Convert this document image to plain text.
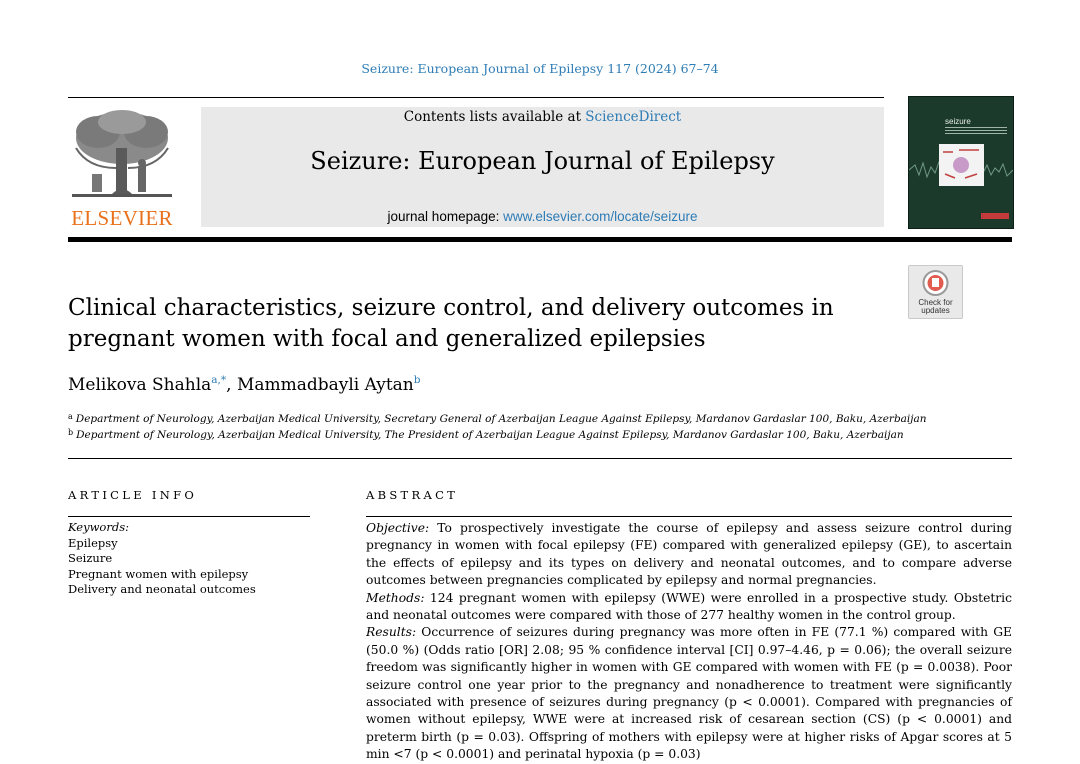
Seizure: European Journal of Epilepsy 117 (2024) 67–74
ELSEVIER
Contents lists available at ScienceDirect
Seizure: European Journal of Epilepsy
journal homepage: www.elsevier.com/locate/seizure
seizure
Check for
updates
Clinical characteristics, seizure control, and delivery outcomes in pregnant women with focal and generalized epilepsies
Melikova Shahla$^{a,*}$, Mammadbayli Aytan$^b$
$^a$ Department of Neurology, Azerbaijan Medical University, Secretary General of Azerbaijan League Against Epilepsy, Mardanov Gardaslar 100, Baku, Azerbaijan
$^b$ Department of Neurology, Azerbaijan Medical University, The President of Azerbaijan League Against Epilepsy, Mardanov Gardaslar 100, Baku, Azerbaijan
ARTICLE INFO	ABSTRACT
Keywords:
Epilepsy
Seizure
Pregnant women with epilepsy
Delivery and neonatal outcomes

Objective: To prospectively investigate the course of epilepsy and assess seizure control during pregnancy in women with focal epilepsy (FE) compared with generalized epilepsy (GE), to ascertain the effects of epilepsy and its types on delivery and neonatal outcomes, and to compare adverse outcomes between pregnancies complicated by epilepsy and normal pregnancies.

Methods: 124 pregnant women with epilepsy (WWE) were enrolled in a prospective study. Obstetric and neonatal outcomes were compared with those of 277 healthy women in the control group.

Results: Occurrence of seizures during pregnancy was more often in FE (77.1 %) compared with GE (50.0 %) (Odds ratio [OR] 2.08; 95 % confidence interval [CI] 0.97–4.46, p = 0.06); the overall seizure freedom was significantly higher in women with GE compared with women with FE (p = 0.0038). Poor seizure control one year prior to the pregnancy and nonadherence to treatment were significantly associated with presence of seizures during pregnancy (p < 0.0001). Compared with pregnancies of women without epilepsy, WWE were at increased risk of cesarean section (CS) (p < 0.0001) and preterm birth (p = 0.03). Offspring of mothers with epilepsy were at higher risks of Apgar scores at 5 min <7 (p < 0.0001) and perinatal hypoxia (p = 0.03)
